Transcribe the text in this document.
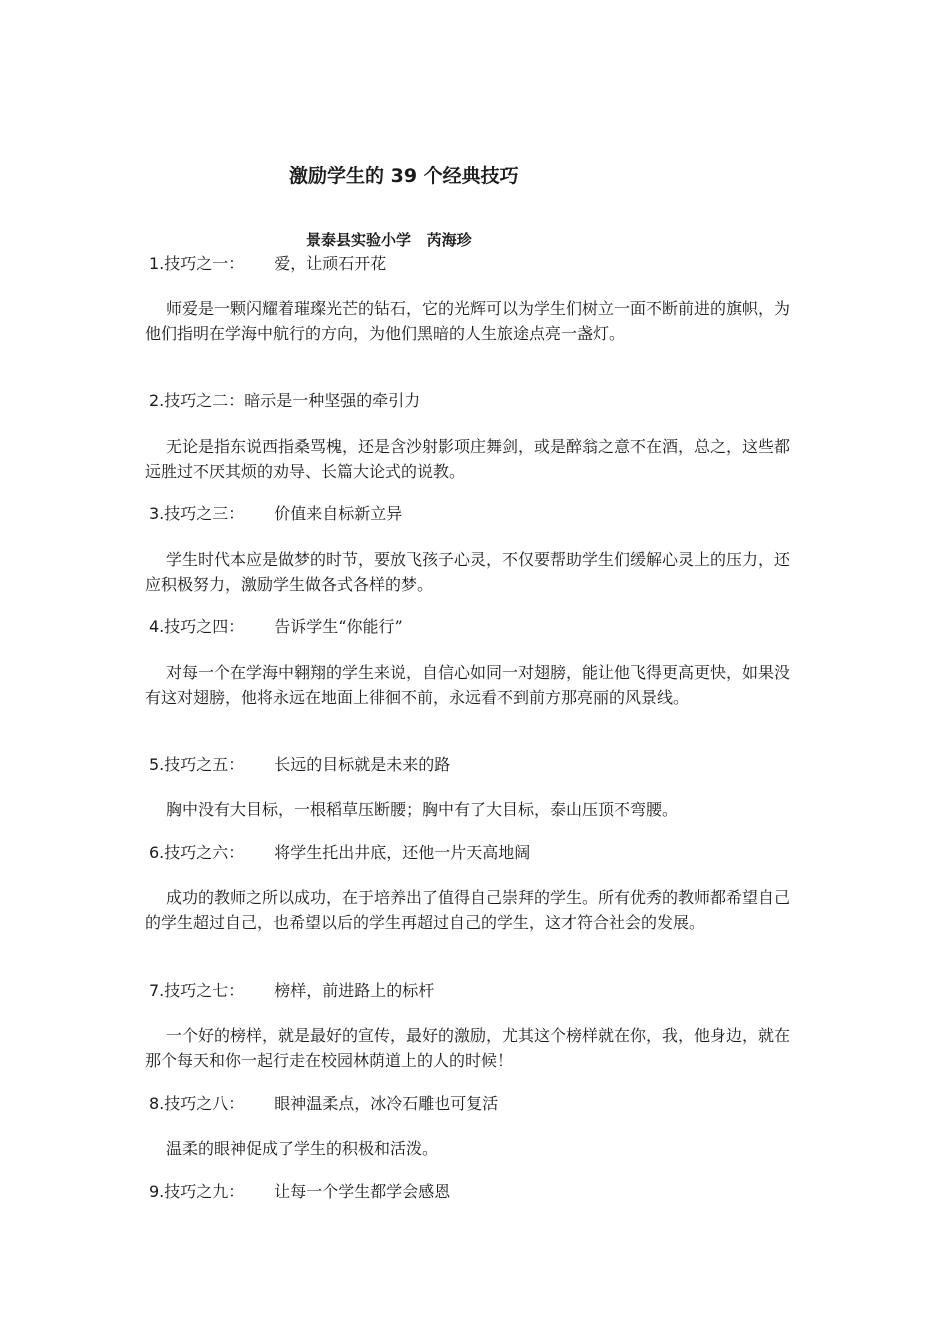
激励学生的 39 个经典技巧
景泰县实验小学   芮海珍
1.技巧之一： 爱，让顽石开花

师爱是一颗闪耀着璀璨光芒的钻石，它的光辉可以为学生们树立一面不断前进的旗帜，为他们指明在学海中航行的方向，为他们黑暗的人生旅途点亮一盏灯。

2.技巧之二：暗示是一种坚强的牵引力

无论是指东说西指桑骂槐，还是含沙射影项庄舞剑，或是醉翁之意不在酒，总之，这些都远胜过不厌其烦的劝导、长篇大论式的说教。

3.技巧之三： 价值来自标新立异

学生时代本应是做梦的时节，要放飞孩子心灵，不仅要帮助学生们缓解心灵上的压力，还应积极努力，激励学生做各式各样的梦。

4.技巧之四： 告诉学生“你能行”

对每一个在学海中翱翔的学生来说，自信心如同一对翅膀，能让他飞得更高更快，如果没有这对翅膀，他将永远在地面上徘徊不前，永远看不到前方那亮丽的风景线。

5.技巧之五： 长远的目标就是未来的路

胸中没有大目标，一根稻草压断腰；胸中有了大目标，泰山压顶不弯腰。

6.技巧之六： 将学生托出井底，还他一片天高地阔

成功的教师之所以成功，在于培养出了值得自己崇拜的学生。所有优秀的教师都希望自己的学生超过自己，也希望以后的学生再超过自己的学生，这才符合社会的发展。

7.技巧之七： 榜样，前进路上的标杆

一个好的榜样，就是最好的宣传，最好的激励，尤其这个榜样就在你，我，他身边，就在那个每天和你一起行走在校园林荫道上的人的时候！

8.技巧之八： 眼神温柔点，冰冷石雕也可复活

温柔的眼神促成了学生的积极和活泼。

9.技巧之九： 让每一个学生都学会感恩
